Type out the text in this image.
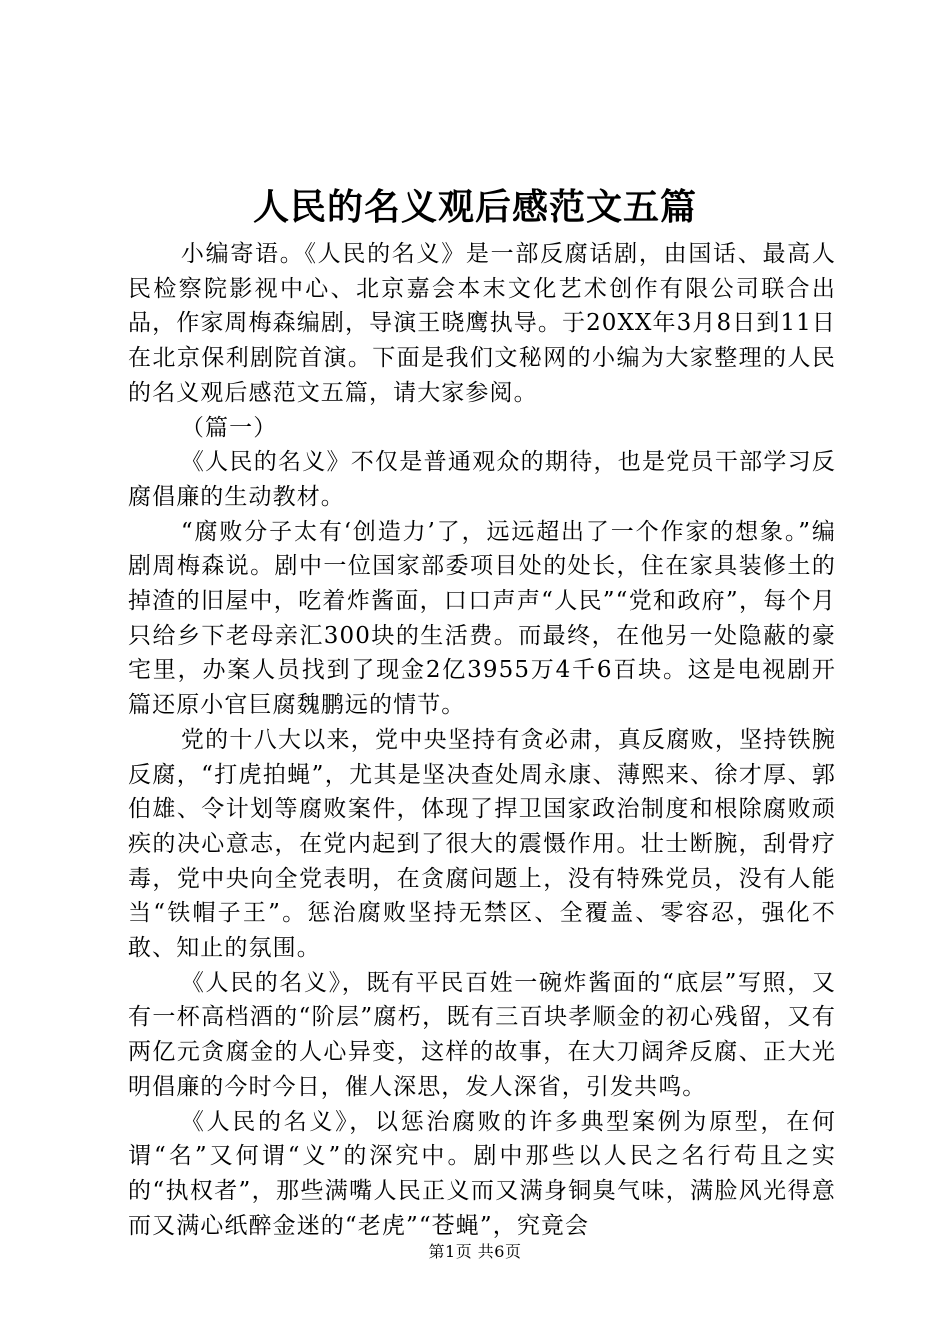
人民的名义观后感范文五篇

小编寄语。《人民的名义》是一部反腐话剧，由国话、最高人民检察院影视中心、北京嘉会本末文化艺术创作有限公司联合出品，作家周梅森编剧，导演王晓鹰执导。于20XX年3月8日到11日在北京保利剧院首演。下面是我们文秘网的小编为大家整理的人民的名义观后感范文五篇，请大家参阅。

（篇一）

《人民的名义》不仅是普通观众的期待，也是党员干部学习反腐倡廉的生动教材。

“腐败分子太有‘创造力’了，远远超出了一个作家的想象。”编剧周梅森说。剧中一位国家部委项目处的处长，住在家具装修土的掉渣的旧屋中，吃着炸酱面，口口声声“人民”“党和政府”，每个月只给乡下老母亲汇300块的生活费。而最终，在他另一处隐蔽的豪宅里，办案人员找到了现金2亿3955万4千6百块。这是电视剧开篇还原小官巨腐魏鹏远的情节。

党的十八大以来，党中央坚持有贪必肃，真反腐败，坚持铁腕反腐，“打虎拍蝇”，尤其是坚决查处周永康、薄熙来、徐才厚、郭伯雄、令计划等腐败案件，体现了捍卫国家政治制度和根除腐败顽疾的决心意志，在党内起到了很大的震慑作用。壮士断腕，刮骨疗毒，党中央向全党表明，在贪腐问题上，没有特殊党员，没有人能当“铁帽子王”。惩治腐败坚持无禁区、全覆盖、零容忍，强化不敢、知止的氛围。

《人民的名义》，既有平民百姓一碗炸酱面的“底层”写照，又有一杯高档酒的“阶层”腐朽，既有三百块孝顺金的初心残留，又有两亿元贪腐金的人心异变，这样的故事，在大刀阔斧反腐、正大光明倡廉的今时今日，催人深思，发人深省，引发共鸣。

《人民的名义》，以惩治腐败的许多典型案例为原型，在何谓“名”又何谓“义”的深究中。剧中那些以人民之名行苟且之实的“执权者”，那些满嘴人民正义而又满身铜臭气味，满脸风光得意而又满心纸醉金迷的“老虎”“苍蝇”，究竟会

第1页 共6页
